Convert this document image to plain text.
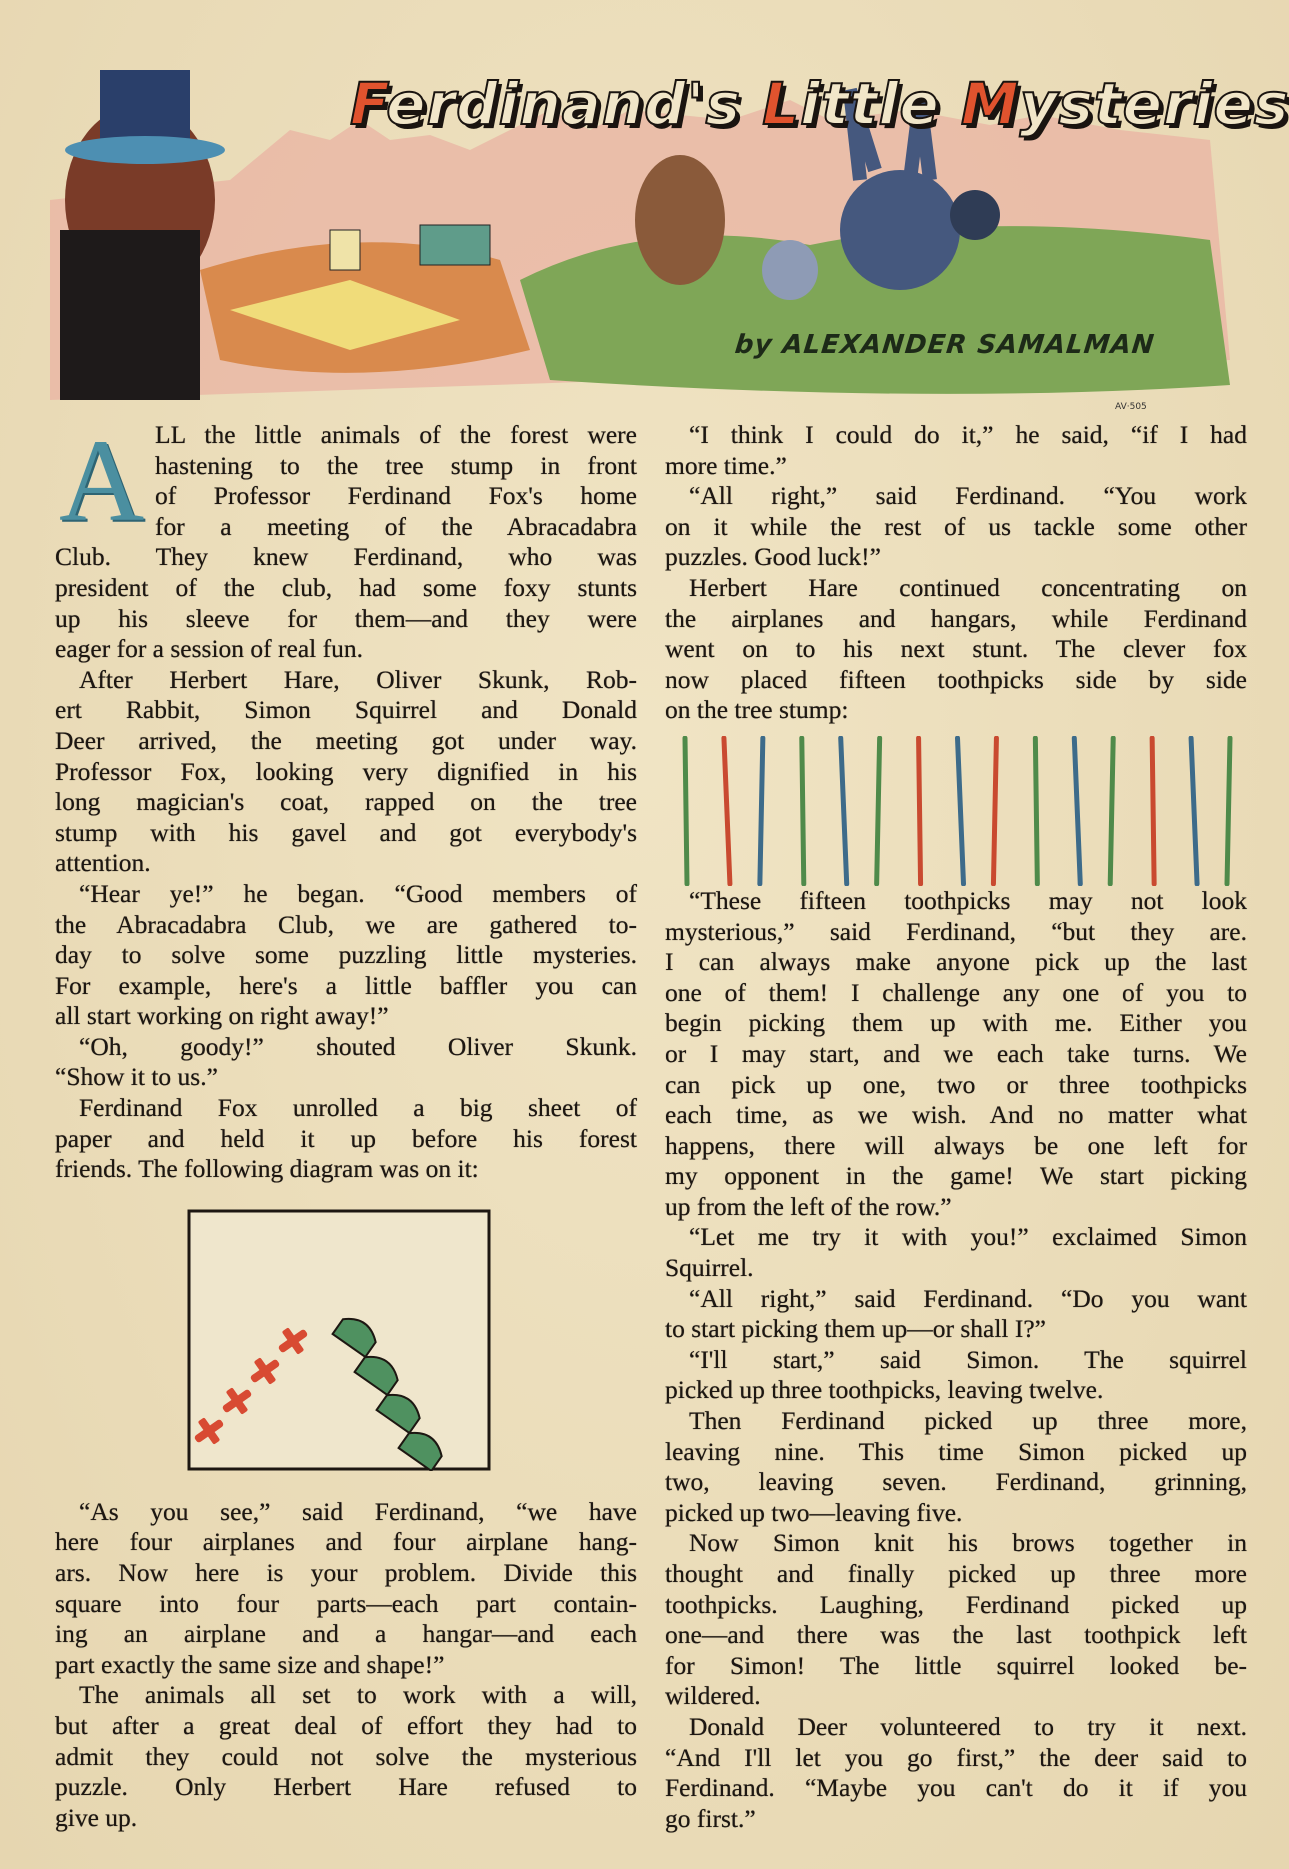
Ferdinand's Little Mysteries
by ALEXANDER SAMALMAN
AV·505
A LL the little animals of the forest were
hastening to the tree stump in front
of Professor Ferdinand Fox's home
for a meeting of the Abracadabra
Club. They knew Ferdinand, who was
president of the club, had some foxy stunts
up his sleeve for them—and they were
eager for a session of real fun.
After Herbert Hare, Oliver Skunk, Rob-
ert Rabbit, Simon Squirrel and Donald
Deer arrived, the meeting got under way.
Professor Fox, looking very dignified in his
long magician's coat, rapped on the tree
stump with his gavel and got everybody's
attention.
“Hear ye!” he began. “Good members of
the Abracadabra Club, we are gathered to-
day to solve some puzzling little mysteries.
For example, here's a little baffler you can
all start working on right away!”
“Oh, goody!” shouted Oliver Skunk.
“Show it to us.”
Ferdinand Fox unrolled a big sheet of
paper and held it up before his forest
friends. The following diagram was on it:
“As you see,” said Ferdinand, “we have
here four airplanes and four airplane hang-
ars. Now here is your problem. Divide this
square into four parts—each part contain-
ing an airplane and a hangar—and each
part exactly the same size and shape!”
The animals all set to work with a will,
but after a great deal of effort they had to
admit they could not solve the mysterious
puzzle. Only Herbert Hare refused to
give up.
“I think I could do it,” he said, “if I had
more time.”
“All right,” said Ferdinand. “You work
on it while the rest of us tackle some other
puzzles. Good luck!”
Herbert Hare continued concentrating on
the airplanes and hangars, while Ferdinand
went on to his next stunt. The clever fox
now placed fifteen toothpicks side by side
on the tree stump:
“These fifteen toothpicks may not look
mysterious,” said Ferdinand, “but they are.
I can always make anyone pick up the last
one of them! I challenge any one of you to
begin picking them up with me. Either you
or I may start, and we each take turns. We
can pick up one, two or three toothpicks
each time, as we wish. And no matter what
happens, there will always be one left for
my opponent in the game! We start picking
up from the left of the row.”
“Let me try it with you!” exclaimed Simon
Squirrel.
“All right,” said Ferdinand. “Do you want
to start picking them up—or shall I?”
“I'll start,” said Simon. The squirrel
picked up three toothpicks, leaving twelve.
Then Ferdinand picked up three more,
leaving nine. This time Simon picked up
two, leaving seven. Ferdinand, grinning,
picked up two—leaving five.
Now Simon knit his brows together in
thought and finally picked up three more
toothpicks. Laughing, Ferdinand picked up
one—and there was the last toothpick left
for Simon! The little squirrel looked be-
wildered.
Donald Deer volunteered to try it next.
“And I'll let you go first,” the deer said to
Ferdinand. “Maybe you can't do it if you
go first.”
